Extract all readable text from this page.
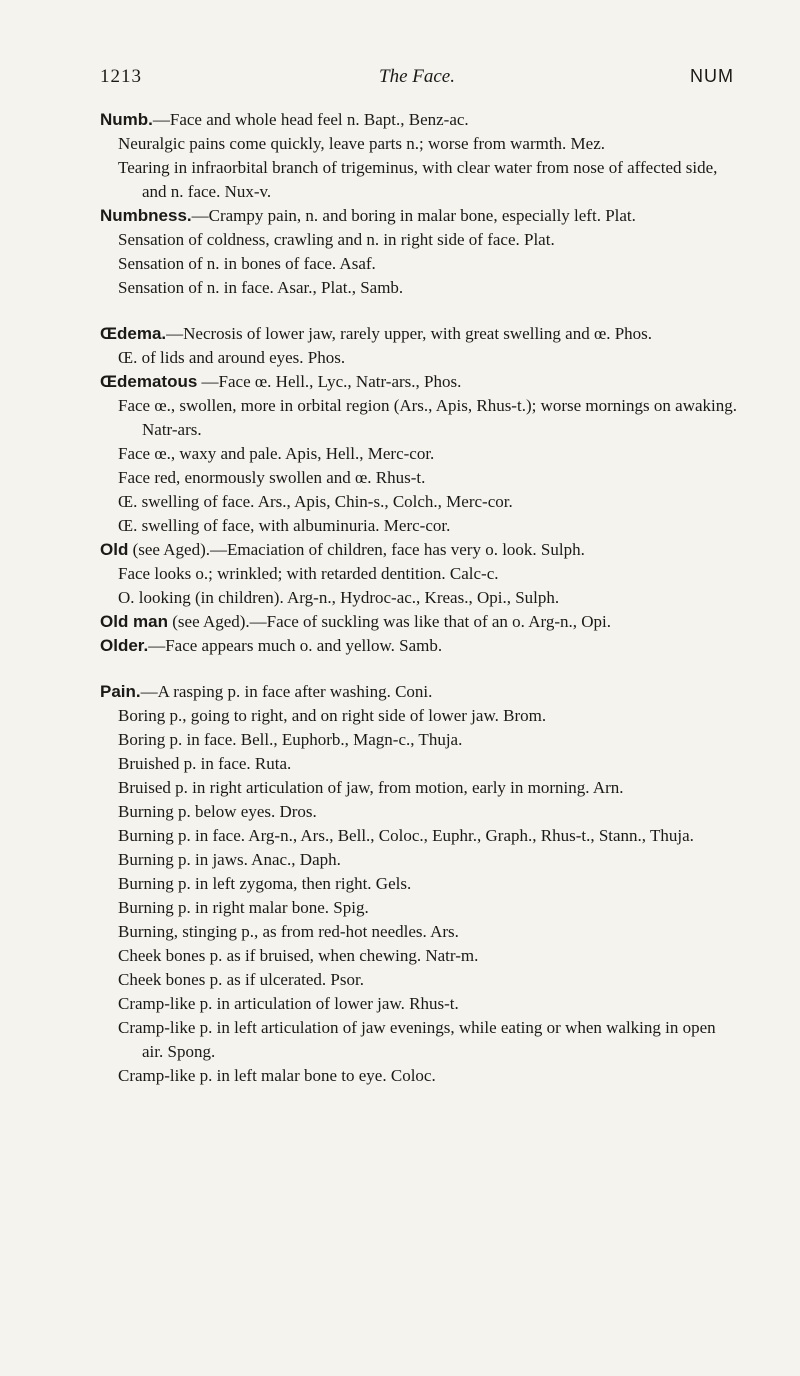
1213	The Face.	NUM
Numb.—Face and whole head feel n. Bapt., Benz-ac.
Neuralgic pains come quickly, leave parts n.; worse from warmth. Mez.
Tearing in infraorbital branch of trigeminus, with clear water from nose of affected side, and n. face. Nux-v.
Numbness.—Crampy pain, n. and boring in malar bone, especially left. Plat.
Sensation of coldness, crawling and n. in right side of face. Plat.
Sensation of n. in bones of face. Asaf.
Sensation of n. in face. Asar., Plat., Samb.
Œdema.—Necrosis of lower jaw, rarely upper, with great swelling and œ. Phos.
Œ. of lids and around eyes. Phos.
Œdematous —Face œ. Hell., Lyc., Natr-ars., Phos.
Face œ., swollen, more in orbital region (Ars., Apis, Rhus-t.); worse mornings on awaking. Natr-ars.
Face œ., waxy and pale. Apis, Hell., Merc-cor.
Face red, enormously swollen and œ. Rhus-t.
Œ. swelling of face. Ars., Apis, Chin-s., Colch., Merc-cor.
Œ. swelling of face, with albuminuria. Merc-cor.
Old (see Aged).—Emaciation of children, face has very o. look. Sulph.
Face looks o.; wrinkled; with retarded dentition. Calc-c.
O. looking (in children). Arg-n., Hydroc-ac., Kreas., Opi., Sulph.
Old man (see Aged).—Face of suckling was like that of an o. Arg-n., Opi.
Older.—Face appears much o. and yellow. Samb.
Pain.—A rasping p. in face after washing. Coni.
Boring p., going to right, and on right side of lower jaw. Brom.
Boring p. in face. Bell., Euphorb., Magn-c., Thuja.
Bruished p. in face. Ruta.
Bruised p. in right articulation of jaw, from motion, early in morning. Arn.
Burning p. below eyes. Dros.
Burning p. in face. Arg-n., Ars., Bell., Coloc., Euphr., Graph., Rhus-t., Stann., Thuja.
Burning p. in jaws. Anac., Daph.
Burning p. in left zygoma, then right. Gels.
Burning p. in right malar bone. Spig.
Burning, stinging p., as from red-hot needles. Ars.
Cheek bones p. as if bruised, when chewing. Natr-m.
Cheek bones p. as if ulcerated. Psor.
Cramp-like p. in articulation of lower jaw. Rhus-t.
Cramp-like p. in left articulation of jaw evenings, while eating or when walking in open air. Spong.
Cramp-like p. in left malar bone to eye. Coloc.
